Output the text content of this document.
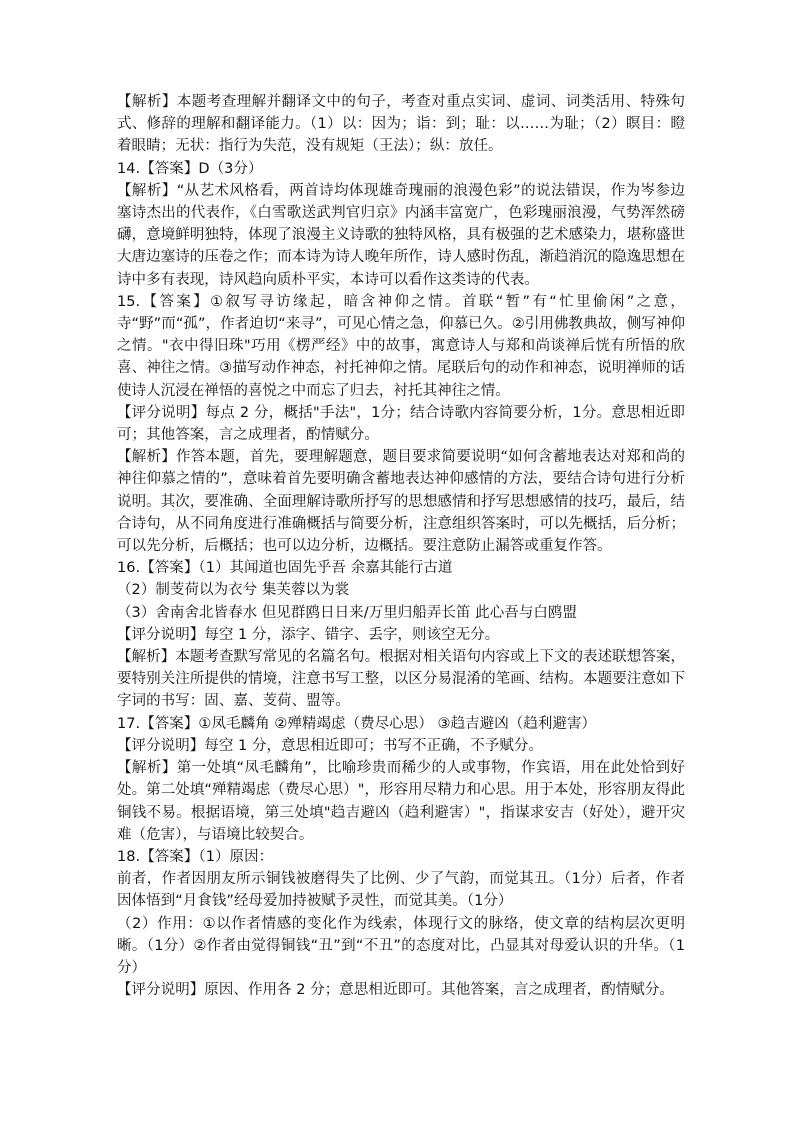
【解析】本题考查理解并翻译文中的句子，考查对重点实词、虚词、词类活用、特殊句式、修辞的理解和翻译能力。（1）以：因为；诣：到；耻：以……为耻；（2）瞑目：瞪着眼睛；无状：指行为失范，没有规矩（王法）；纵：放任。

14.【答案】D（3分）

【解析】“从艺术风格看，两首诗均体现雄奇瑰丽的浪漫色彩”的说法错误，作为岑参边塞诗杰出的代表作，《白雪歌送武判官归京》内涵丰富宽广，色彩瑰丽浪漫，气势浑然磅礴，意境鲜明独特，体现了浪漫主义诗歌的独特风格，具有极强的艺术感染力，堪称盛世大唐边塞诗的压卷之作；而本诗为诗人晚年所作，诗人感时伤乱，渐趋消沉的隐逸思想在诗中多有表现，诗风趋向质朴平实，本诗可以看作这类诗的代表。

15.【答案】①叙写寻访缘起，暗含神仰之情。首联“暂”有“忙里偷闲”之意，寺“野”而“孤”，作者迫切“来寻”，可见心情之急，仰慕已久。②引用佛教典故，侧写神仰之情。"衣中得旧珠"巧用《楞严经》中的故事，寓意诗人与郑和尚谈禅后恍有所悟的欣喜、神往之情。③描写动作神态，衬托神仰之情。尾联后句的动作和神态，说明禅师的话使诗人沉浸在禅悟的喜悦之中而忘了归去，衬托其神往之情。

【评分说明】每点 2 分，概括"手法"，1分；结合诗歌内容简要分析，1分。意思相近即可；其他答案，言之成理者，酌情赋分。

【解析】作答本题，首先，要理解题意，题目要求简要说明“如何含蓄地表达对郑和尚的神往仰慕之情的”，意味着首先要明确含蓄地表达神仰感情的方法，要结合诗句进行分析说明。其次，要准确、全面理解诗歌所抒写的思想感情和抒写思想感情的技巧，最后，结合诗句，从不同角度进行准确概括与简要分析，注意组织答案时，可以先概括，后分析；可以先分析，后概括；也可以边分析，边概括。要注意防止漏答或重复作答。

16.【答案】（1）其闻道也固先乎吾 余嘉其能行古道

（2）制芰荷以为衣兮 集芙蓉以为裳

（3）舍南舍北皆春水 但见群鸥日日来/万里归船弄长笛 此心吾与白鸥盟

【评分说明】每空 1 分，添字、错字、丢字，则该空无分。

【解析】本题考查默写常见的名篇名句。根据对相关语句内容或上下文的表述联想答案，要特别关注所提供的情境，注意书写工整，以区分易混淆的笔画、结构。本题要注意如下字词的书写：固、嘉、芰荷、盟等。

17.【答案】①凤毛麟角 ②殚精竭虑（费尽心思） ③趋吉避凶（趋利避害）

【评分说明】每空 1 分，意思相近即可；书写不正确，不予赋分。

【解析】第一处填“凤毛麟角”，比喻珍贵而稀少的人或事物，作宾语，用在此处恰到好处。第二处填“殚精竭虑（费尽心思）"，形容用尽精力和心思。用于本处，形容朋友得此铜钱不易。根据语境，第三处填"趋吉避凶（趋利避害）"，指谋求安吉（好处），避开灾难（危害），与语境比较契合。

18.【答案】（1）原因：

前者，作者因朋友所示铜钱被磨得失了比例、少了气韵，而觉其丑。（1分）后者，作者因体悟到“月食钱”经母爱加持被赋予灵性，而觉其美。（1分）

（2）作用：①以作者情感的变化作为线索，体现行文的脉络，使文章的结构层次更明晰。（1分）②作者由觉得铜钱“丑”到“不丑”的态度对比，凸显其对母爱认识的升华。（1分）

【评分说明】原因、作用各 2 分；意思相近即可。其他答案，言之成理者，酌情赋分。
